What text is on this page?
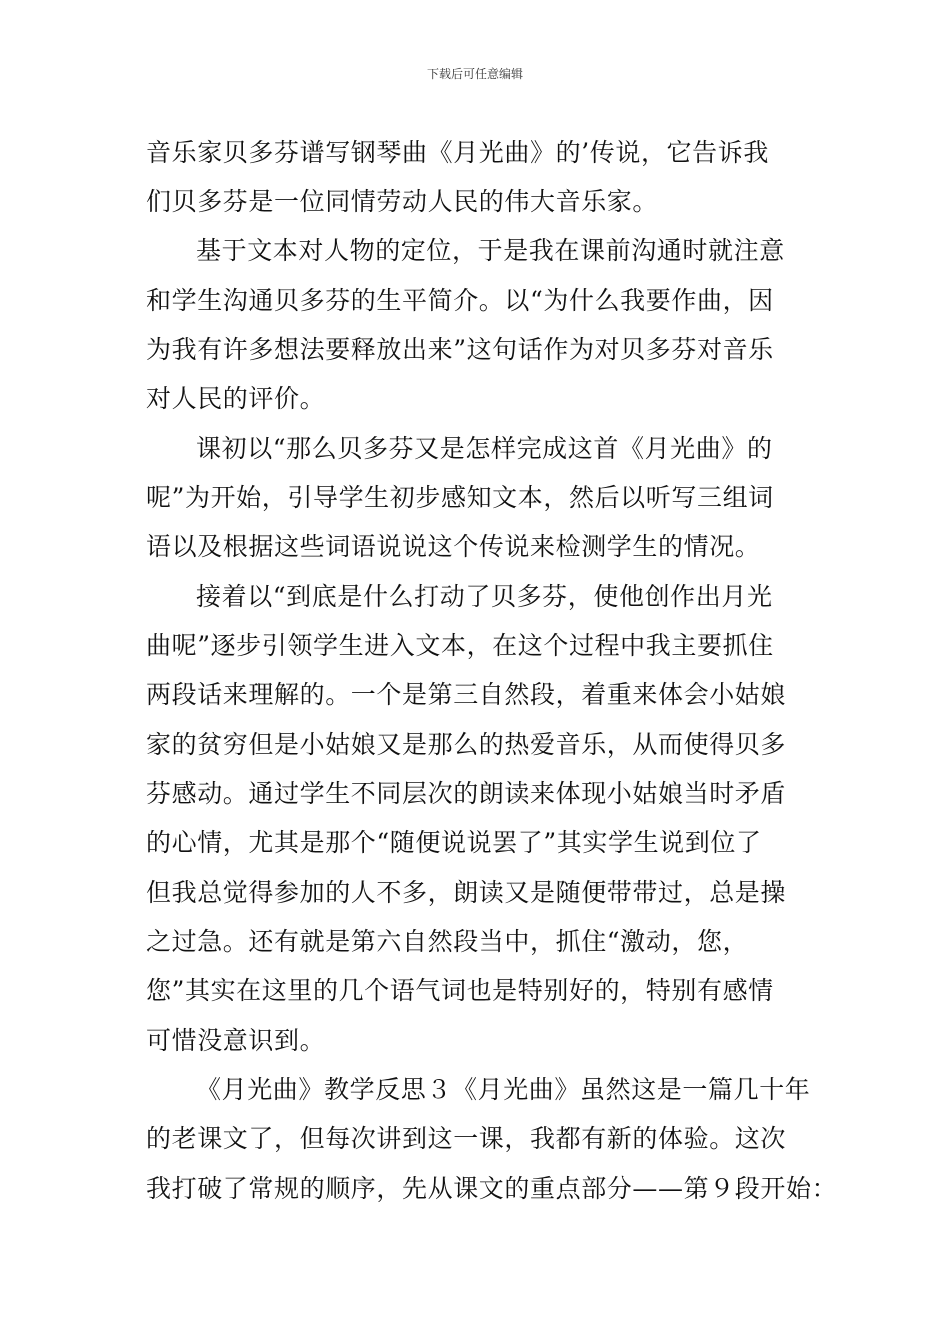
下载后可任意编辑
音乐家贝多芬谱写钢琴曲《月光曲》的’传说，它告诉我
们贝多芬是一位同情劳动人民的伟大音乐家。
基于文本对人物的定位，于是我在课前沟通时就注意
和学生沟通贝多芬的生平简介。以“为什么我要作曲，因
为我有许多想法要释放出来”这句话作为对贝多芬对音乐
对人民的评价。
课初以“那么贝多芬又是怎样完成这首《月光曲》的
呢”为开始，引导学生初步感知文本，然后以听写三组词
语以及根据这些词语说说这个传说来检测学生的情况。
接着以“到底是什么打动了贝多芬，使他创作出月光
曲呢”逐步引领学生进入文本，在这个过程中我主要抓住
两段话来理解的。一个是第三自然段，着重来体会小姑娘
家的贫穷但是小姑娘又是那么的热爱音乐，从而使得贝多
芬感动。通过学生不同层次的朗读来体现小姑娘当时矛盾
的心情，尤其是那个“随便说说罢了”其实学生说到位了
但我总觉得参加的人不多，朗读又是随便带带过，总是操
之过急。还有就是第六自然段当中，抓住“激动，您，
您”其实在这里的几个语气词也是特别好的，特别有感情
可惜没意识到。
《月光曲》教学反思３《月光曲》虽然这是一篇几十年
的老课文了，但每次讲到这一课，我都有新的体验。这次
我打破了常规的顺序，先从课文的重点部分——第９段开始：
